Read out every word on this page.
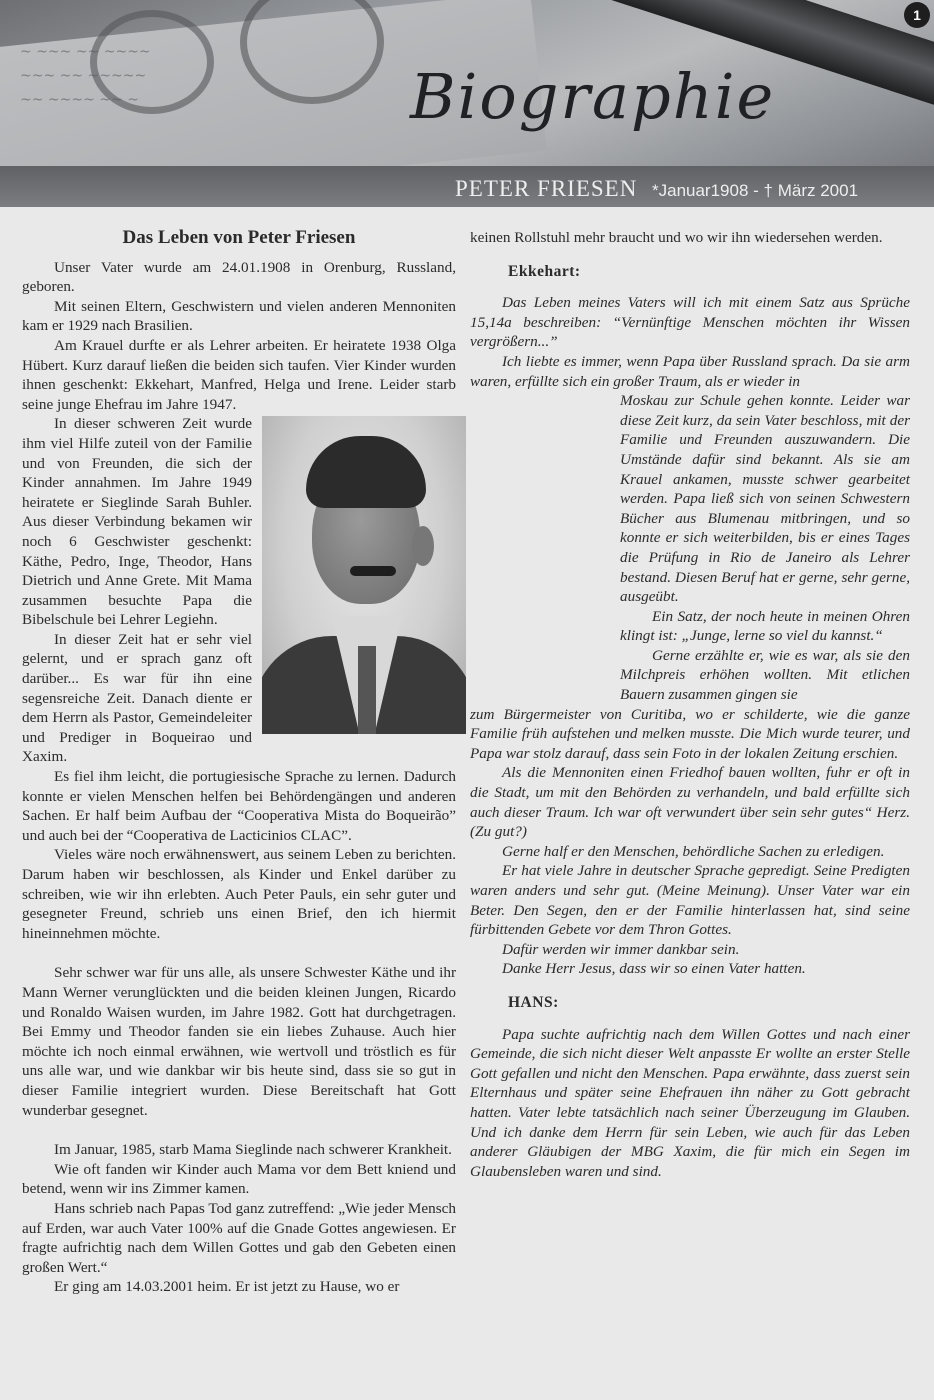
~ ~~~ ~~ ~~~~
~~~ ~~ ~~~~~
~~ ~~~~ ~~ ~	Biographie
PETER FRIESEN *Januar1908 - † März 2001
1
Das Leben von Peter Friesen

Unser Vater wurde am 24.01.1908 in Orenburg, Russland, geboren.

Mit seinen Eltern, Geschwistern und vielen anderen Mennoniten kam er 1929 nach Brasilien.

Am Krauel durfte er als Lehrer arbeiten. Er heiratete 1938 Olga Hübert. Kurz darauf ließen die beiden sich taufen. Vier Kinder wurden ihnen geschenkt: Ekkehart, Manfred, Helga und Irene. Leider starb seine junge Ehefrau im Jahre 1947.

In dieser schweren Zeit wurde ihm viel Hilfe zuteil von der Familie und von Freunden, die sich der Kinder annahmen. Im Jahre 1949 heiratete er Sieglinde Sarah Buhler. Aus dieser Verbindung bekamen wir noch 6 Geschwister geschenkt: Käthe, Pedro, Inge, Theodor, Hans Dietrich und Anne Grete. Mit Mama zusammen besuchte Papa die Bibelschule bei Lehrer Legiehn.

In dieser Zeit hat er sehr viel gelernt, und er sprach ganz oft darüber... Es war für ihn eine segensreiche Zeit. Danach diente er dem Herrn als Pastor, Gemeindeleiter und Prediger in Boqueirao und Xaxim.

Es fiel ihm leicht, die portugiesische Sprache zu lernen. Dadurch konnte er vielen Menschen helfen bei Behördengängen und anderen Sachen. Er half beim Aufbau der “Cooperativa Mista do Boqueirão” und auch bei der “Cooperativa de Lacticinios CLAC”.

Vieles wäre noch erwähnenswert, aus seinem Leben zu berichten. Darum haben wir beschlossen, als Kinder und Enkel darüber zu schreiben, wie wir ihn erlebten. Auch Peter Pauls, ein sehr guter und gesegneter Freund, schrieb uns einen Brief, den ich hiermit hineinnehmen möchte.

Sehr schwer war für uns alle, als unsere Schwester Käthe und ihr Mann Werner verunglückten und die beiden kleinen Jungen, Ricardo und Ronaldo Waisen wurden, im Jahre 1982. Gott hat durchgetragen. Bei Emmy und Theodor fanden sie ein liebes Zuhause. Auch hier möchte ich noch einmal erwähnen, wie wertvoll und tröstlich es für uns alle war, und wie dankbar wir bis heute sind, dass sie so gut in dieser Familie integriert wurden. Diese Bereitschaft hat Gott wunderbar gesegnet.

Im Januar, 1985, starb Mama Sieglinde nach schwerer Krankheit.

Wie oft fanden wir Kinder auch Mama vor dem Bett kniend und betend, wenn wir ins Zimmer kamen.

Hans schrieb nach Papas Tod ganz zutreffend: „Wie jeder Mensch auf Erden, war auch Vater 100% auf die Gnade Gottes angewiesen. Er fragte aufrichtig nach dem Willen Gottes und gab den Gebeten einen großen Wert.“

Er ging am 14.03.2001 heim. Er ist jetzt zu Hause, wo er

keinen Rollstuhl mehr braucht und wo wir ihn wiedersehen werden.

Ekkehart:

Das Leben meines Vaters will ich mit einem Satz aus Sprüche 15,14a beschreiben: “Vernünftige Menschen möchten ihr Wissen vergrößern...”

Ich liebte es immer, wenn Papa über Russland sprach. Da sie arm waren, erfüllte sich ein großer Traum, als er wieder in

Moskau zur Schule gehen konnte. Leider war diese Zeit kurz, da sein Vater beschloss, mit der Familie und Freunden auszuwandern. Die Umstände dafür sind bekannt. Als sie am Krauel ankamen, musste schwer gearbeitet werden. Papa ließ sich von seinen Schwestern Bücher aus Blumenau mitbringen, und so konnte er sich weiterbilden, bis er eines Tages die Prüfung in Rio de Janeiro als Lehrer bestand. Diesen Beruf hat er gerne, sehr gerne, ausgeübt.

Ein Satz, der noch heute in meinen Ohren klingt ist: „Junge, lerne so viel du kannst.“

Gerne erzählte er, wie es war, als sie den Milchpreis erhöhen wollten. Mit etlichen Bauern zusammen gingen sie

zum Bürgermeister von Curitiba, wo er schilderte, wie die ganze Familie früh aufstehen und melken musste. Die Mich wurde teurer, und Papa war stolz darauf, dass sein Foto in der lokalen Zeitung erschien.

Als die Mennoniten einen Friedhof bauen wollten, fuhr er oft in die Stadt, um mit den Behörden zu verhandeln, und bald erfüllte sich auch dieser Traum. Ich war oft verwundert über sein sehr gutes“ Herz. (Zu gut?)

Gerne half er den Menschen, behördliche Sachen zu erledigen.

Er hat viele Jahre in deutscher Sprache gepredigt. Seine Predigten waren anders und sehr gut. (Meine Meinung). Unser Vater war ein Beter. Den Segen, den er der Familie hinterlassen hat, sind seine fürbittenden Gebete vor dem Thron Gottes.

Dafür werden wir immer dankbar sein.

Danke Herr Jesus, dass wir so einen Vater hatten.

HANS:

Papa suchte aufrichtig nach dem Willen Gottes und nach einer Gemeinde, die sich nicht dieser Welt anpasste Er wollte an erster Stelle Gott gefallen und nicht den Menschen. Papa erwähnte, dass zuerst sein Elternhaus und später seine Ehefrauen ihn näher zu Gott gebracht hatten. Vater lebte tatsächlich nach seiner Überzeugung im Glauben. Und ich danke dem Herrn für sein Leben, wie auch für das Leben anderer Gläubigen der MBG Xaxim, die für mich ein Segen im Glaubensleben waren und sind.
